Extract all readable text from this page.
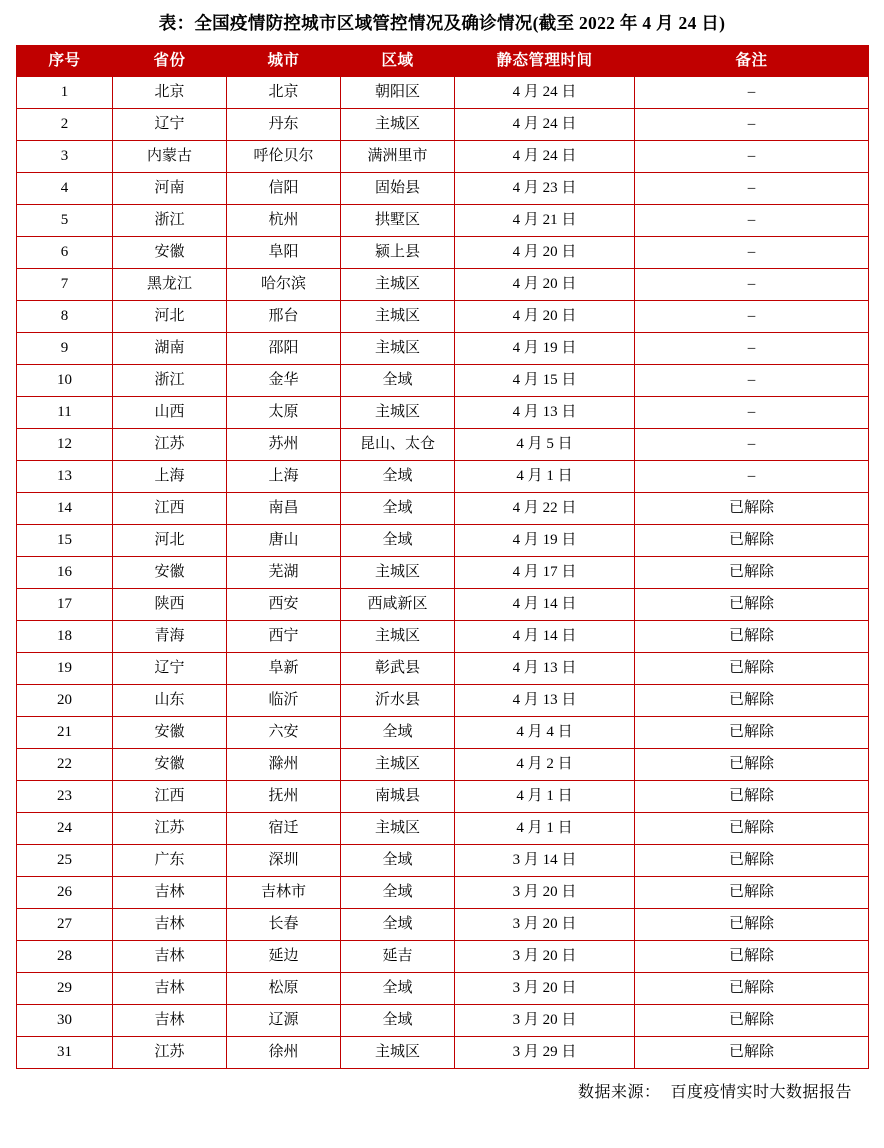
表：全国疫情防控城市区域管控情况及确诊情况(截至 2022 年 4 月 24 日)
序号	省份	城市	区域	静态管理时间	备注
1	北京	北京	朝阳区	4 月 24 日	–
2	辽宁	丹东	主城区	4 月 24 日	–
3	内蒙古	呼伦贝尔	满洲里市	4 月 24 日	–
4	河南	信阳	固始县	4 月 23 日	–
5	浙江	杭州	拱墅区	4 月 21 日	–
6	安徽	阜阳	颍上县	4 月 20 日	–
7	黑龙江	哈尔滨	主城区	4 月 20 日	–
8	河北	邢台	主城区	4 月 20 日	–
9	湖南	邵阳	主城区	4 月 19 日	–
10	浙江	金华	全域	4 月 15 日	–
11	山西	太原	主城区	4 月 13 日	–
12	江苏	苏州	昆山、太仓	4 月 5 日	–
13	上海	上海	全域	4 月 1 日	–
14	江西	南昌	全域	4 月 22 日	已解除
15	河北	唐山	全域	4 月 19 日	已解除
16	安徽	芜湖	主城区	4 月 17 日	已解除
17	陕西	西安	西咸新区	4 月 14 日	已解除
18	青海	西宁	主城区	4 月 14 日	已解除
19	辽宁	阜新	彰武县	4 月 13 日	已解除
20	山东	临沂	沂水县	4 月 13 日	已解除
21	安徽	六安	全域	4 月 4 日	已解除
22	安徽	滁州	主城区	4 月 2 日	已解除
23	江西	抚州	南城县	4 月 1 日	已解除
24	江苏	宿迁	主城区	4 月 1 日	已解除
25	广东	深圳	全域	3 月 14 日	已解除
26	吉林	吉林市	全域	3 月 20 日	已解除
27	吉林	长春	全域	3 月 20 日	已解除
28	吉林	延边	延吉	3 月 20 日	已解除
29	吉林	松原	全域	3 月 20 日	已解除
30	吉林	辽源	全域	3 月 20 日	已解除
31	江苏	徐州	主城区	3 月 29 日	已解除
数据来源： 百度疫情实时大数据报告
